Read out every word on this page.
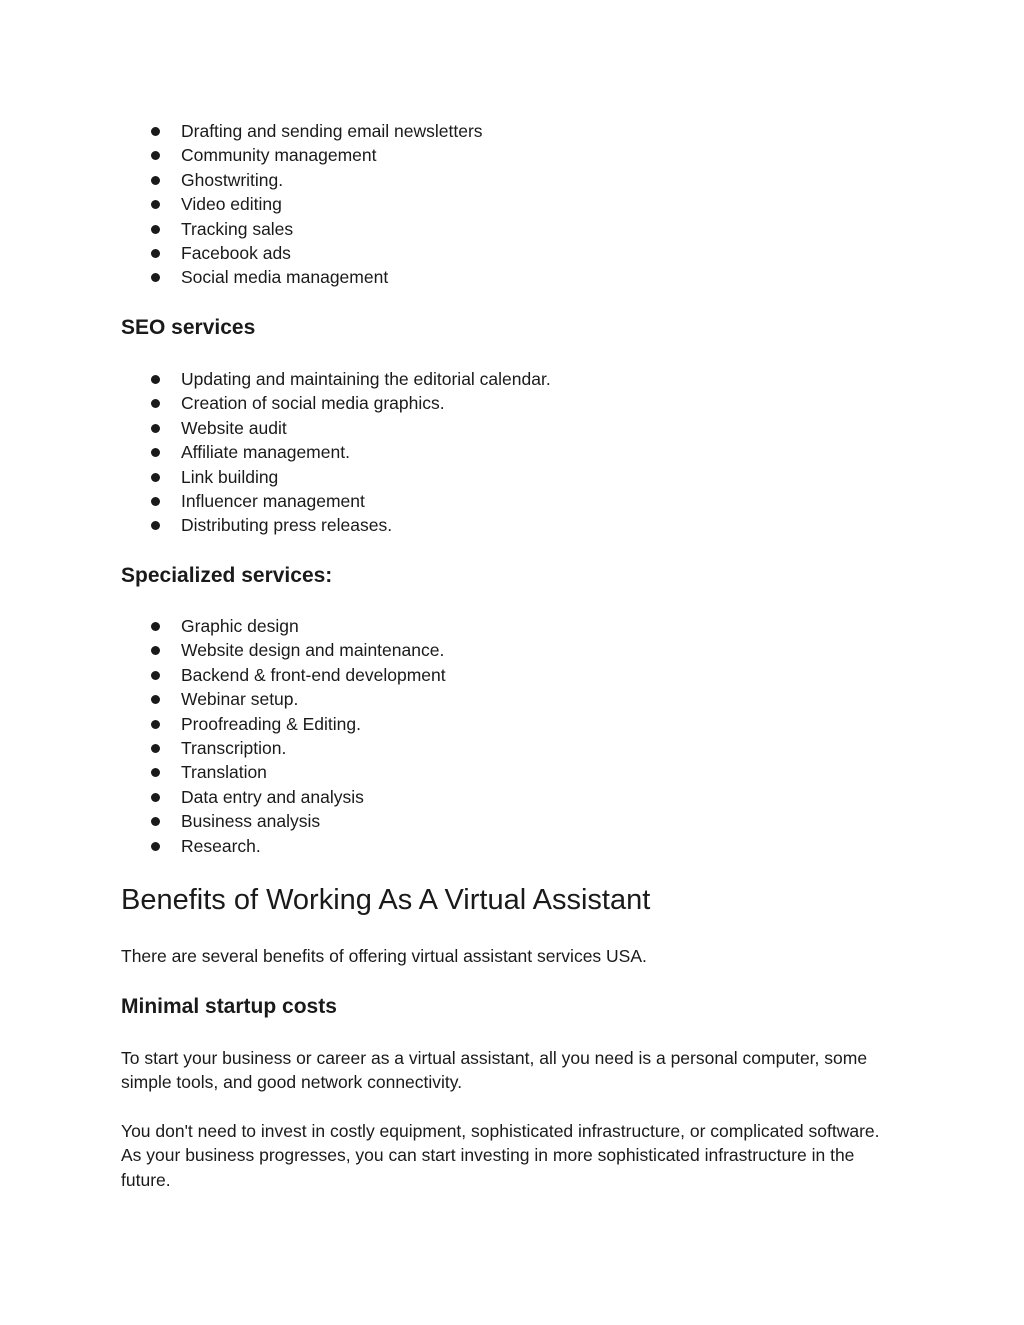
Drafting and sending email newsletters
Community management
Ghostwriting.
Video editing
Tracking sales
Facebook ads
Social media management
SEO services
Updating and maintaining the editorial calendar.
Creation of social media graphics.
Website audit
Affiliate management.
Link building
Influencer management
Distributing press releases.
Specialized services:
Graphic design
Website design and maintenance.
Backend & front-end development
Webinar setup.
Proofreading & Editing.
Transcription.
Translation
Data entry and analysis
Business analysis
Research.
Benefits of Working As A Virtual Assistant

There are several benefits of offering virtual assistant services USA.

Minimal startup costs

To start your business or career as a virtual assistant, all you need is a personal computer, some simple tools, and good network connectivity.

You don't need to invest in costly equipment, sophisticated infrastructure, or complicated software. As your business progresses, you can start investing in more sophisticated infrastructure in the future.
